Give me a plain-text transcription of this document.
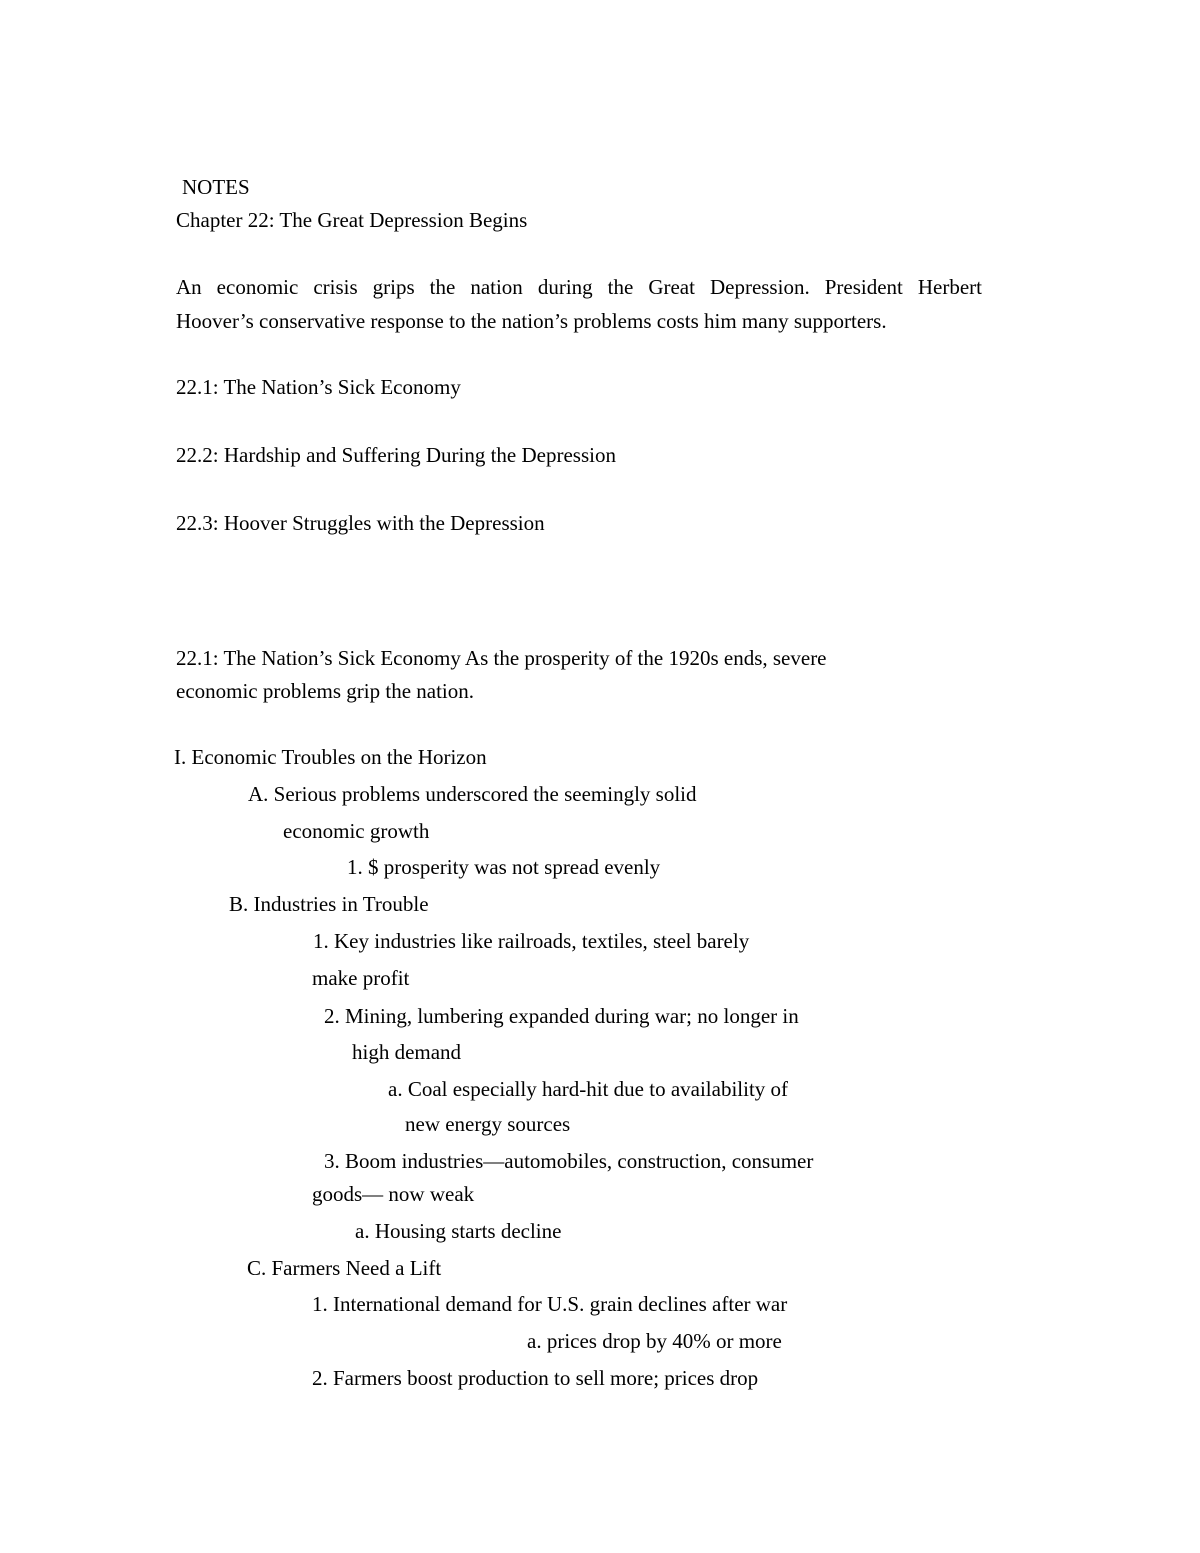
NOTES
Chapter 22: The Great Depression Begins
An economic crisis grips the nation during the Great Depression. President Herbert
Hoover’s conservative response to the nation’s problems costs him many supporters.
22.1: The Nation’s Sick Economy
22.2: Hardship and Suffering During the Depression
22.3: Hoover Struggles with the Depression
22.1: The Nation’s Sick Economy As the prosperity of the 1920s ends, severe
economic problems grip the nation.
I. Economic Troubles on the Horizon
A. Serious problems underscored the seemingly solid
economic growth
1. $ prosperity was not spread evenly
B. Industries in Trouble
1. Key industries like railroads, textiles, steel barely
make profit
2. Mining, lumbering expanded during war; no longer in
high demand
a. Coal especially hard-hit due to availability of
new energy sources
3. Boom industries—automobiles, construction, consumer
goods— now weak
a. Housing starts decline
C. Farmers Need a Lift
1. International demand for U.S. grain declines after war
a. prices drop by 40% or more
2. Farmers boost production to sell more; prices drop
